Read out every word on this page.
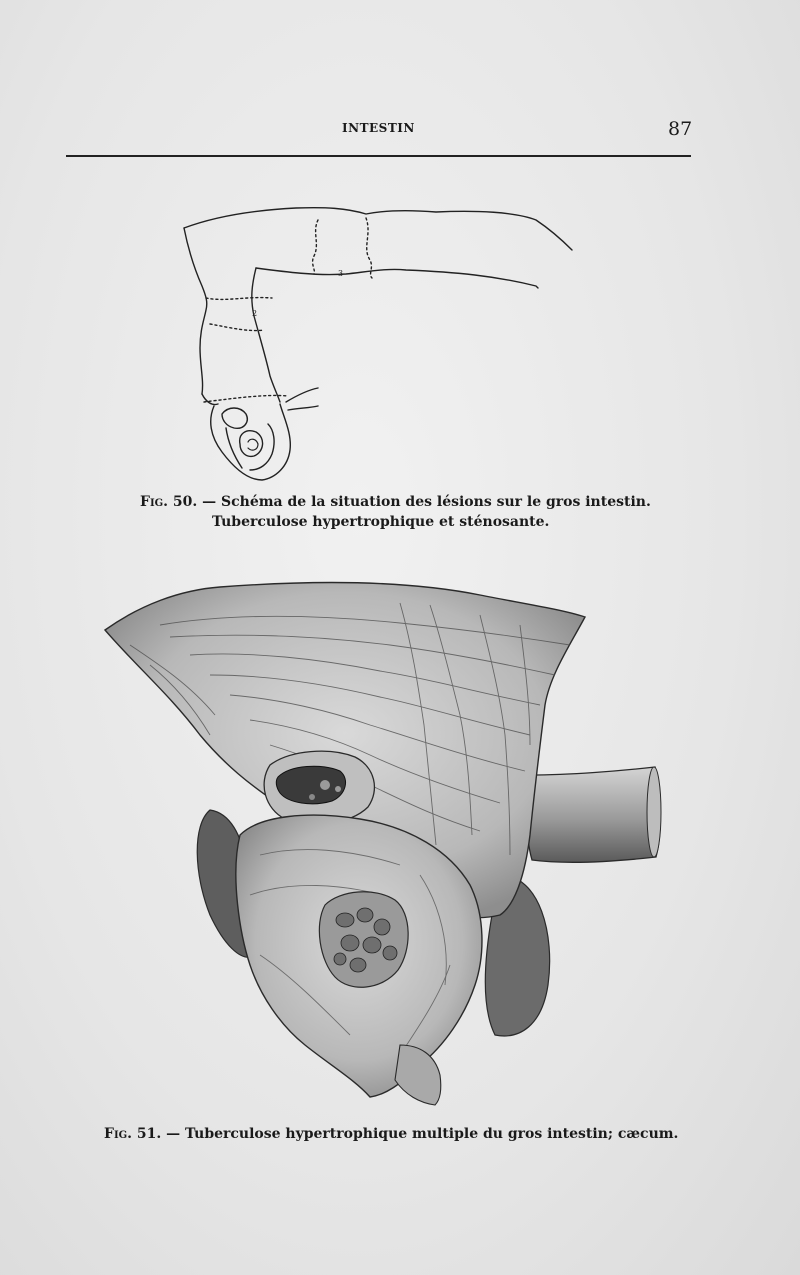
INTESTIN	87
2
3
Fig. 50. — Schéma de la situation des lésions sur le gros intestin.
Tuberculose hypertrophique et sténosante.
Fig. 51. — Tuberculose hypertrophique multiple du gros intestin; cæcum.
